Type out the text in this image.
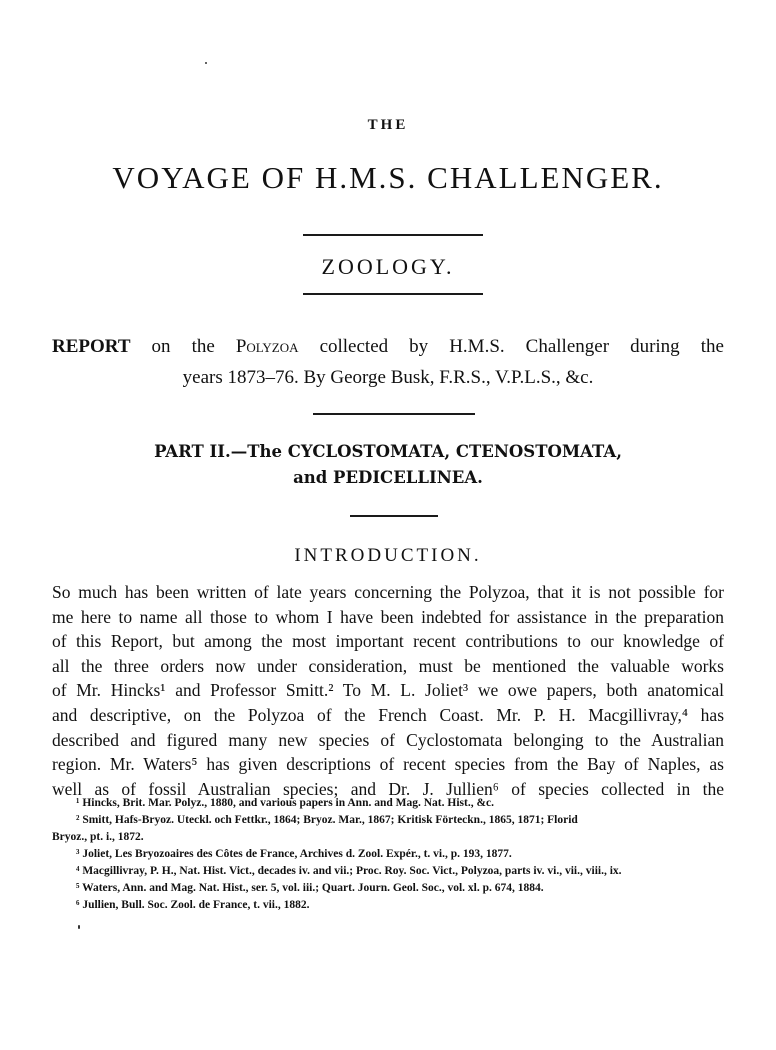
THE
VOYAGE OF H.M.S. CHALLENGER.
ZOOLOGY.
REPORT on the Polyzoa collected by H.M.S. Challenger during the
years 1873–76. By George Busk, F.R.S., V.P.L.S., &c.
PART II.—The CYCLOSTOMATA, CTENOSTOMATA,
and PEDICELLINEA.
INTRODUCTION.
So much has been written of late years concerning the Polyzoa, that it is not possible for
me here to name all those to whom I have been indebted for assistance in the preparation
of this Report, but among the most important recent contributions to our knowledge of
all the three orders now under consideration, must be mentioned the valuable works
of Mr. Hincks¹ and Professor Smitt.² To M. L. Joliet³ we owe papers, both anatomical
and descriptive, on the Polyzoa of the French Coast. Mr. P. H. Macgillivray,⁴ has
described and figured many new species of Cyclostomata belonging to the Australian
region. Mr. Waters⁵ has given descriptions of recent species from the Bay of Naples, as
well as of fossil Australian species; and Dr. J. Jullien⁶ of species collected in the
¹ Hincks, Brit. Mar. Polyz., 1880, and various papers in Ann. and Mag. Nat. Hist., &c.
² Smitt, Hafs-Bryoz. Uteckl. och Fettkr., 1864; Bryoz. Mar., 1867; Kritisk Förteckn., 1865, 1871; Florid
Bryoz., pt. i., 1872.
³ Joliet, Les Bryozoaires des Côtes de France, Archives d. Zool. Expér., t. vi., p. 193, 1877.
⁴ Macgillivray, P. H., Nat. Hist. Vict., decades iv. and vii.; Proc. Roy. Soc. Vict., Polyzoa, parts iv. vi., vii., viii., ix.
⁵ Waters, Ann. and Mag. Nat. Hist., ser. 5, vol. iii.; Quart. Journ. Geol. Soc., vol. xl. p. 674, 1884.
⁶ Jullien, Bull. Soc. Zool. de France, t. vii., 1882.
